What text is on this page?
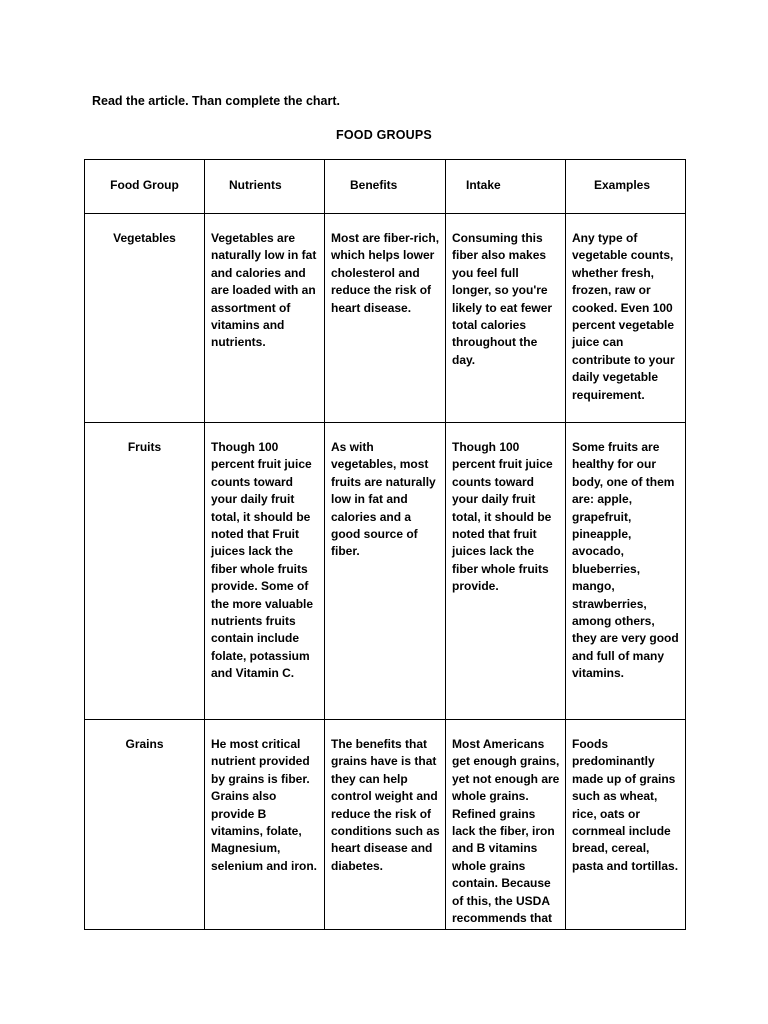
Read the article. Than complete the chart.
FOOD GROUPS
Food Group	Nutrients	Benefits	Intake	Examples
Vegetables	Vegetables are naturally low in fat and calories and are loaded with an assortment of vitamins and nutrients.	Most are fiber-rich, which helps lower cholesterol and reduce the risk of heart disease.	Consuming this fiber also makes you feel full longer, so you're likely to eat fewer total calories throughout the day.	Any type of vegetable counts, whether fresh, frozen, raw or cooked. Even 100 percent vegetable juice can contribute to your daily vegetable requirement.
Fruits	Though 100 percent fruit juice counts toward your daily fruit total, it should be noted that Fruit juices lack the fiber whole fruits provide. Some of the more valuable nutrients fruits contain include folate, potassium and Vitamin C.	As with vegetables, most fruits are naturally low in fat and calories and a good source of fiber.	Though 100 percent fruit juice counts toward your daily fruit total, it should be noted that fruit juices lack the fiber whole fruits provide.	Some fruits are healthy for our body, one of them are: apple, grapefruit, pineapple, avocado, blueberries, mango, strawberries, among others, they are very good and full of many vitamins.
Grains	He most critical nutrient provided by grains is fiber. Grains also provide B vitamins, folate, Magnesium, selenium and iron.	The benefits that grains have is that they can help control weight and reduce the risk of conditions such as heart disease and diabetes.	Most Americans get enough grains, yet not enough are whole grains. Refined grains lack the fiber, iron and B vitamins whole grains contain. Because of this, the USDA recommends that	Foods predominantly made up of grains such as wheat, rice, oats or cornmeal include bread, cereal, pasta and tortillas.
